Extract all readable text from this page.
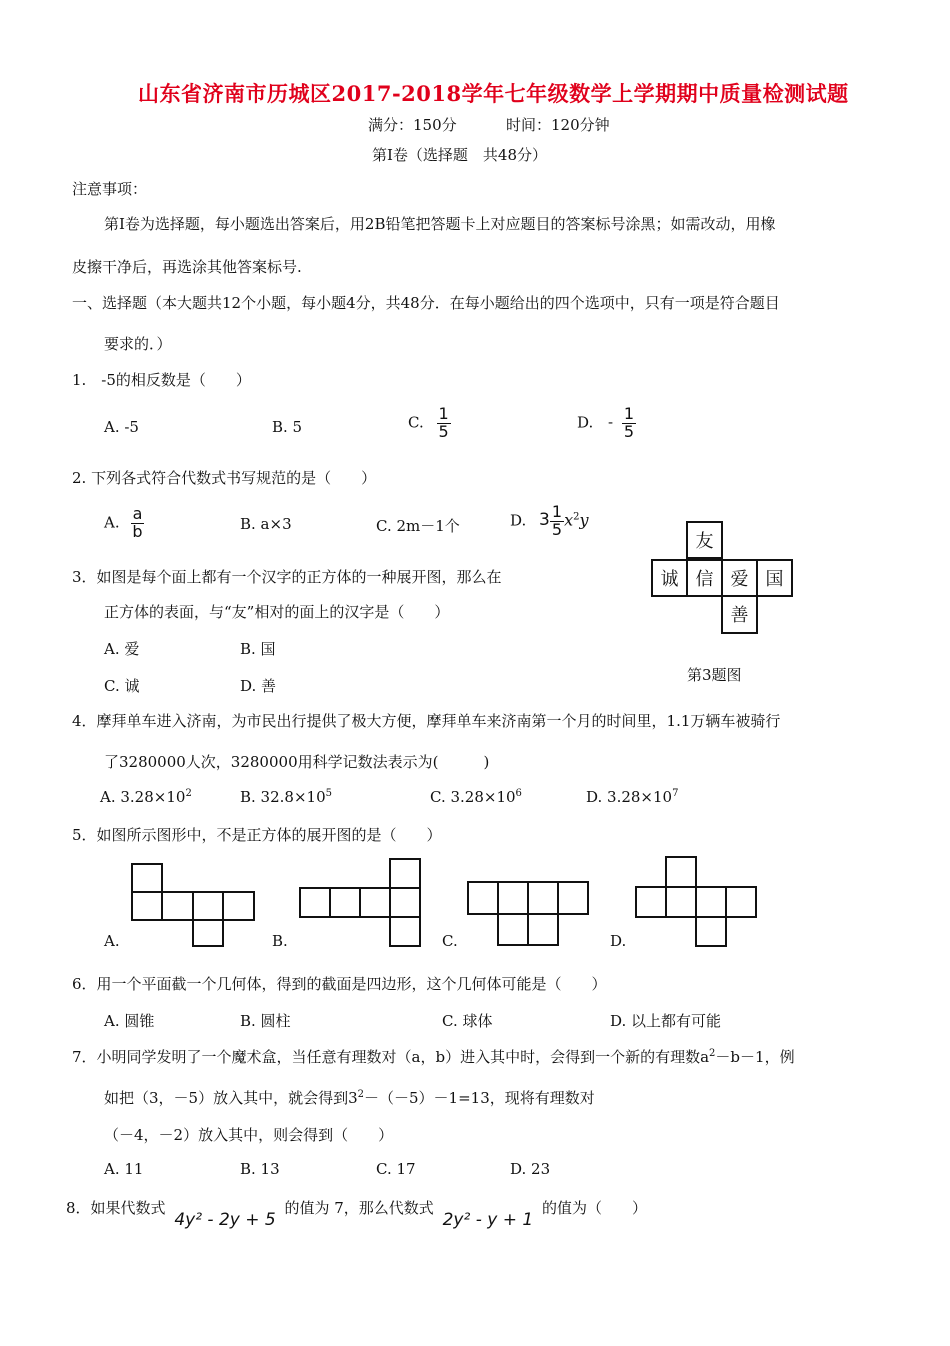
山东省济南市历城区2017-2018学年七年级数学上学期期中质量检测试题
满分：150分	时间：120分钟
第Ⅰ卷（选择题　共48分）
注意事项：
第Ⅰ卷为选择题，每小题选出答案后，用2B铅笔把答题卡上对应题目的答案标号涂黑；如需改动，用橡
皮擦干净后，再选涂其他答案标号.
一、选择题（本大题共12个小题，每小题4分，共48分．在每小题给出的四个选项中，只有一项是符合题目
要求的．）
1.　-5的相反数是（　　）
A. -5	B. 5	C. $\frac{1}{5}$	D. - $\frac{1}{5}$
2. 下列各式符合代数式书写规范的是（　　）
A. $\frac{a}{b}$	B. a×3	C. 2m－1个	D. $3 \frac{1}{5} x^2y$
3．如图是每个面上都有一个汉字的正方体的一种展开图，那么在
正方体的表面，与“友”相对的面上的汉字是（　　）
A. 爱	B. 国
C. 诚	D. 善
友
诚 信 爱 国
善
第3题图
4．摩拜单车进入济南，为市民出行提供了极大方便，摩拜单车来济南第一个月的时间里，1.1万辆车被骑行
了3280000人次，3280000用科学记数法表示为(　　　)
A. $3.28\times 10^2$	B. $32.8\times 10^5$	C. $3.28\times 10^6$	D. $3.28\times 10^7$
5．如图所示图形中，不是正方体的展开图的是（　　）
A.	B.	C.	D.
6．用一个平面截一个几何体，得到的截面是四边形，这个几何体可能是（　　）
A. 圆锥	B. 圆柱	C. 球体	D. 以上都有可能
7．小明同学发明了一个魔术盒，当任意有理数对（a，b）进入其中时，会得到一个新的有理数$a^2-b-1$，例
如把（3，－5）放入其中，就会得到$3^2-(-5)-1=13$，现将有理数对
（－4，－2）放入其中，则会得到（　　）
A. 11	B. 13	C. 17	D. 23
8．如果代数式 4y² - 2y + 5 的值为 7，那么代数式 2y² - y + 1 的值为（　　）
